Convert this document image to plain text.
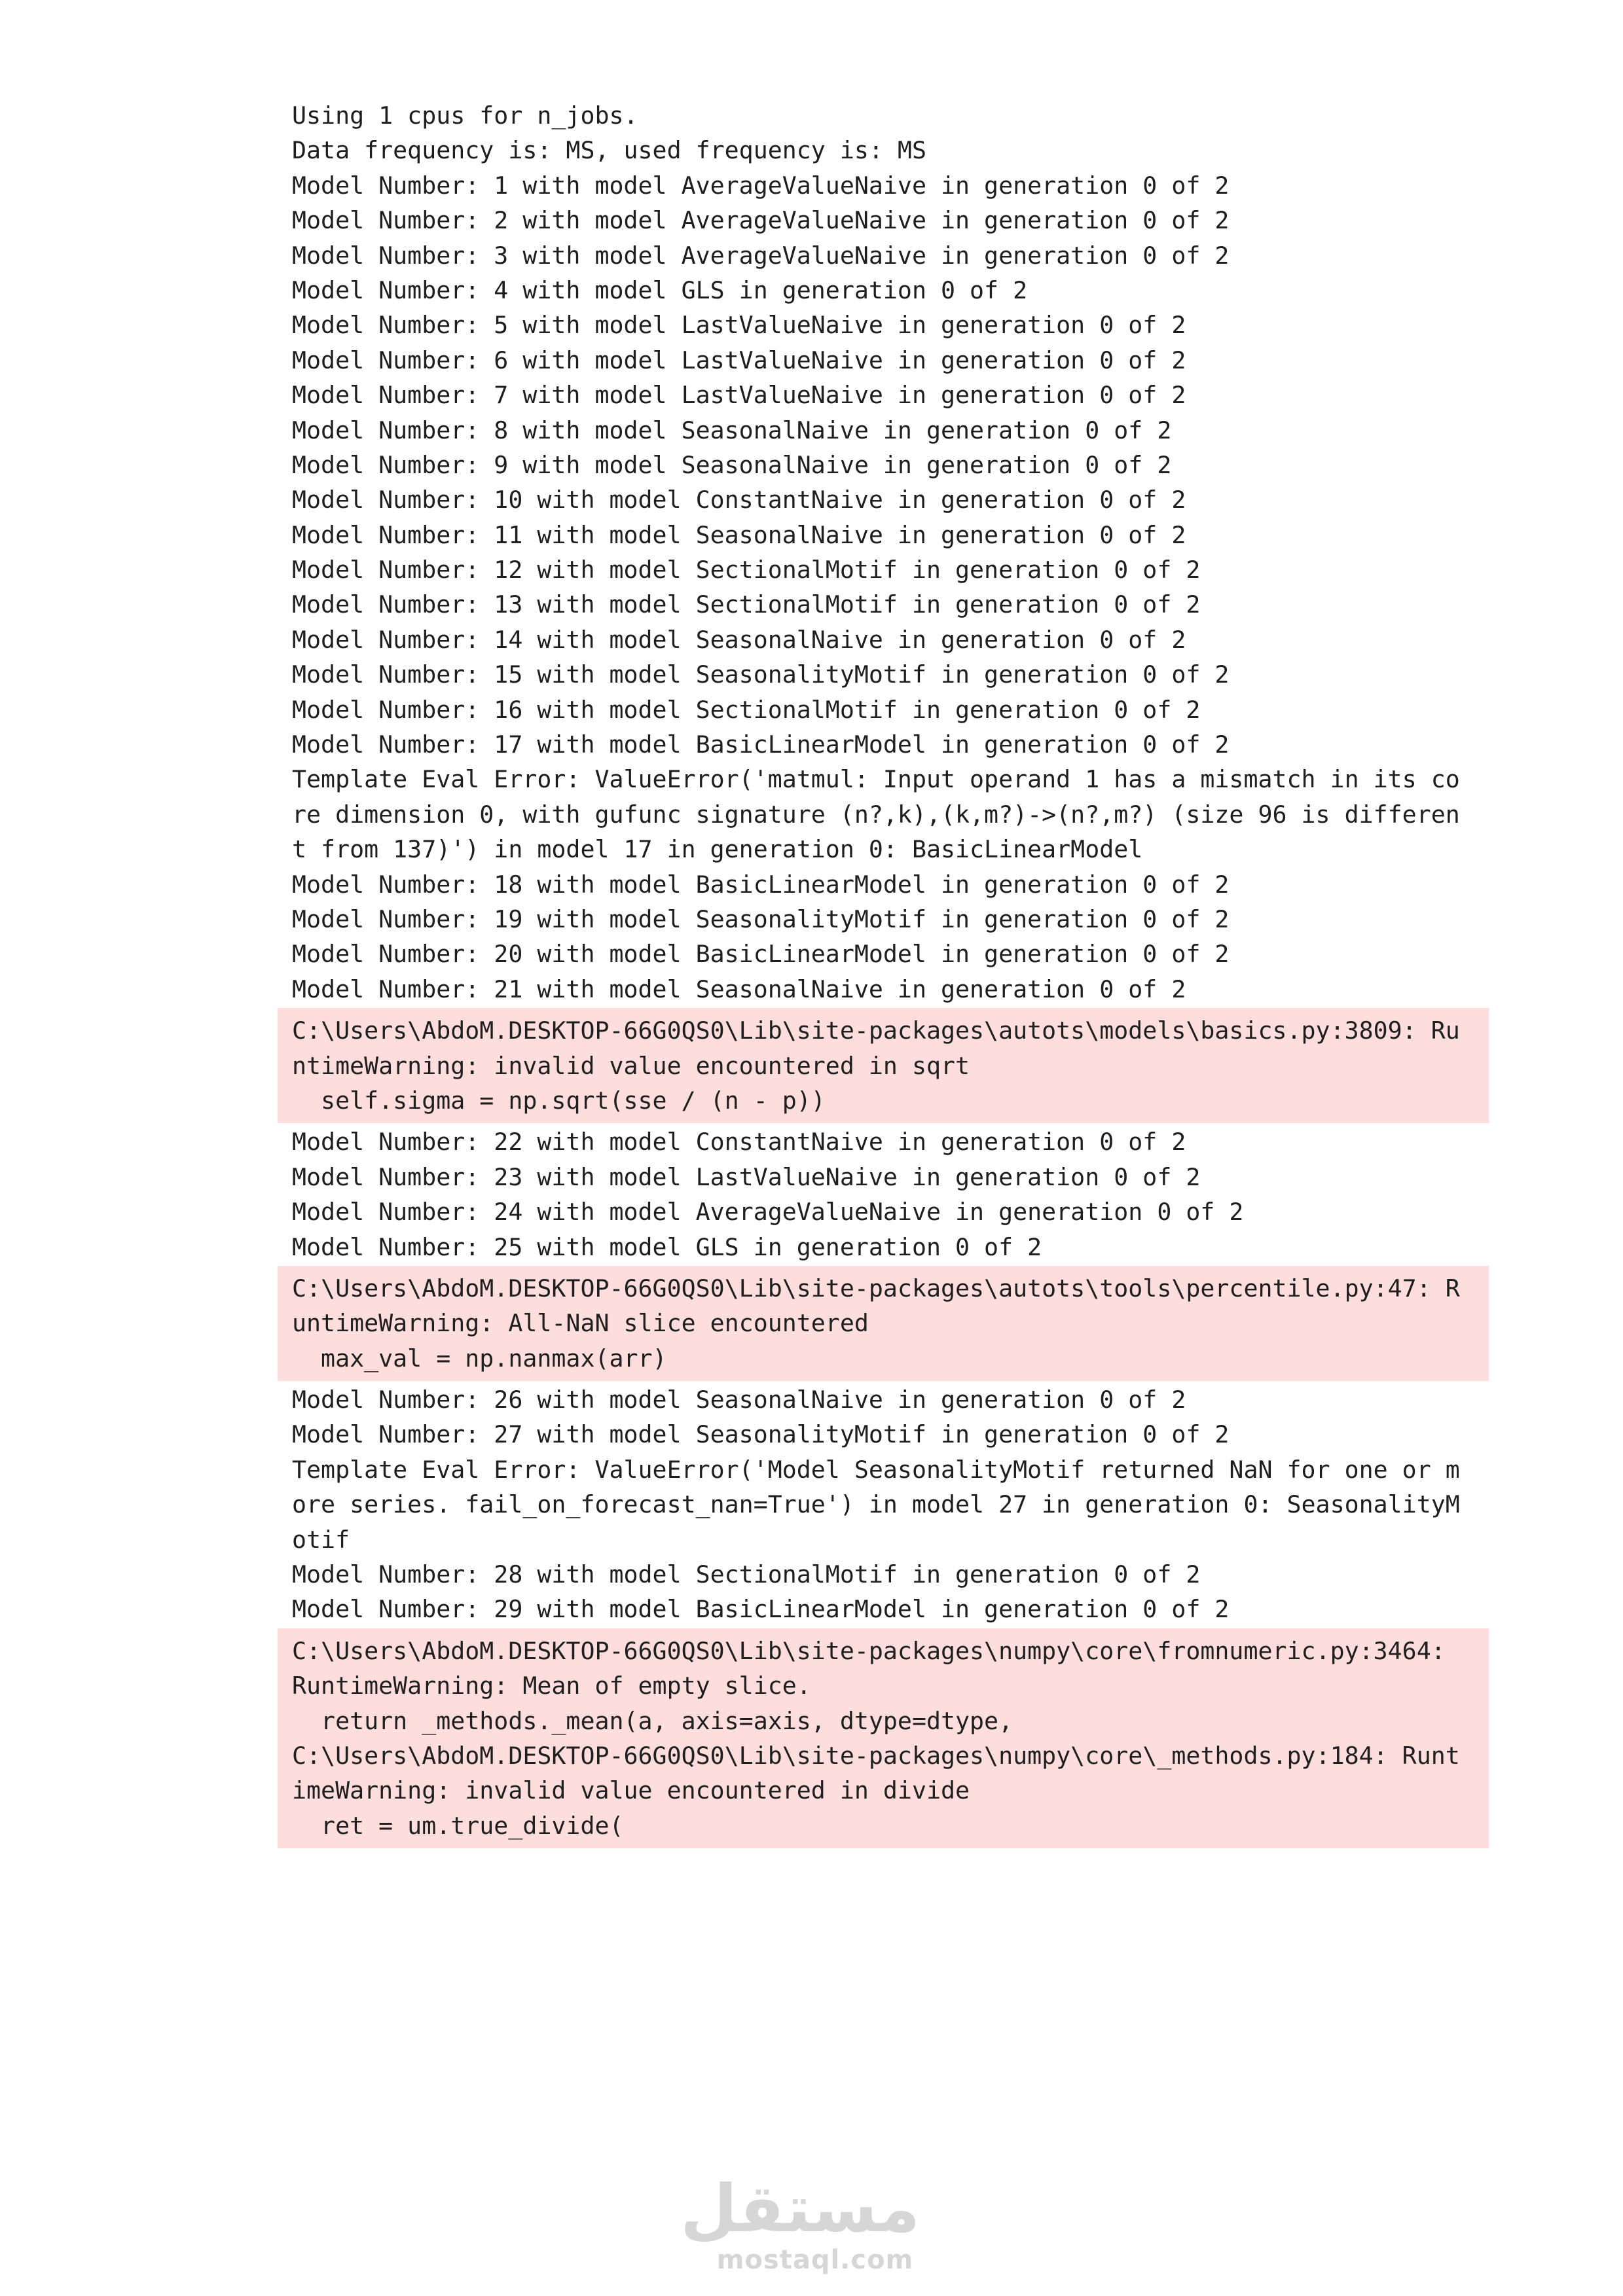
Using 1 cpus for n_jobs.
Data frequency is: MS, used frequency is: MS
Model Number: 1 with model AverageValueNaive in generation 0 of 2
Model Number: 2 with model AverageValueNaive in generation 0 of 2
Model Number: 3 with model AverageValueNaive in generation 0 of 2
Model Number: 4 with model GLS in generation 0 of 2
Model Number: 5 with model LastValueNaive in generation 0 of 2
Model Number: 6 with model LastValueNaive in generation 0 of 2
Model Number: 7 with model LastValueNaive in generation 0 of 2
Model Number: 8 with model SeasonalNaive in generation 0 of 2
Model Number: 9 with model SeasonalNaive in generation 0 of 2
Model Number: 10 with model ConstantNaive in generation 0 of 2
Model Number: 11 with model SeasonalNaive in generation 0 of 2
Model Number: 12 with model SectionalMotif in generation 0 of 2
Model Number: 13 with model SectionalMotif in generation 0 of 2
Model Number: 14 with model SeasonalNaive in generation 0 of 2
Model Number: 15 with model SeasonalityMotif in generation 0 of 2
Model Number: 16 with model SectionalMotif in generation 0 of 2
Model Number: 17 with model BasicLinearModel in generation 0 of 2
Template Eval Error: ValueError('matmul: Input operand 1 has a mismatch in its co
re dimension 0, with gufunc signature (n?,k),(k,m?)->(n?,m?) (size 96 is differen
t from 137)') in model 17 in generation 0: BasicLinearModel
Model Number: 18 with model BasicLinearModel in generation 0 of 2
Model Number: 19 with model SeasonalityMotif in generation 0 of 2
Model Number: 20 with model BasicLinearModel in generation 0 of 2
Model Number: 21 with model SeasonalNaive in generation 0 of 2
C:\Users\AbdoM.DESKTOP-66G0QS0\Lib\site-packages\autots\models\basics.py:3809: Ru
ntimeWarning: invalid value encountered in sqrt
self.sigma = np.sqrt(sse / (n - p))
Model Number: 22 with model ConstantNaive in generation 0 of 2
Model Number: 23 with model LastValueNaive in generation 0 of 2
Model Number: 24 with model AverageValueNaive in generation 0 of 2
Model Number: 25 with model GLS in generation 0 of 2
C:\Users\AbdoM.DESKTOP-66G0QS0\Lib\site-packages\autots\tools\percentile.py:47: R
untimeWarning: All-NaN slice encountered
max_val = np.nanmax(arr)
Model Number: 26 with model SeasonalNaive in generation 0 of 2
Model Number: 27 with model SeasonalityMotif in generation 0 of 2
Template Eval Error: ValueError('Model SeasonalityMotif returned NaN for one or m
ore series. fail_on_forecast_nan=True') in model 27 in generation 0: SeasonalityM
otif
Model Number: 28 with model SectionalMotif in generation 0 of 2
Model Number: 29 with model BasicLinearModel in generation 0 of 2
C:\Users\AbdoM.DESKTOP-66G0QS0\Lib\site-packages\numpy\core\fromnumeric.py:3464:
RuntimeWarning: Mean of empty slice.
return _methods._mean(a, axis=axis, dtype=dtype,
C:\Users\AbdoM.DESKTOP-66G0QS0\Lib\site-packages\numpy\core\_methods.py:184: Runt
imeWarning: invalid value encountered in divide
ret = um.true_divide(
مستقل
mostaql.com
